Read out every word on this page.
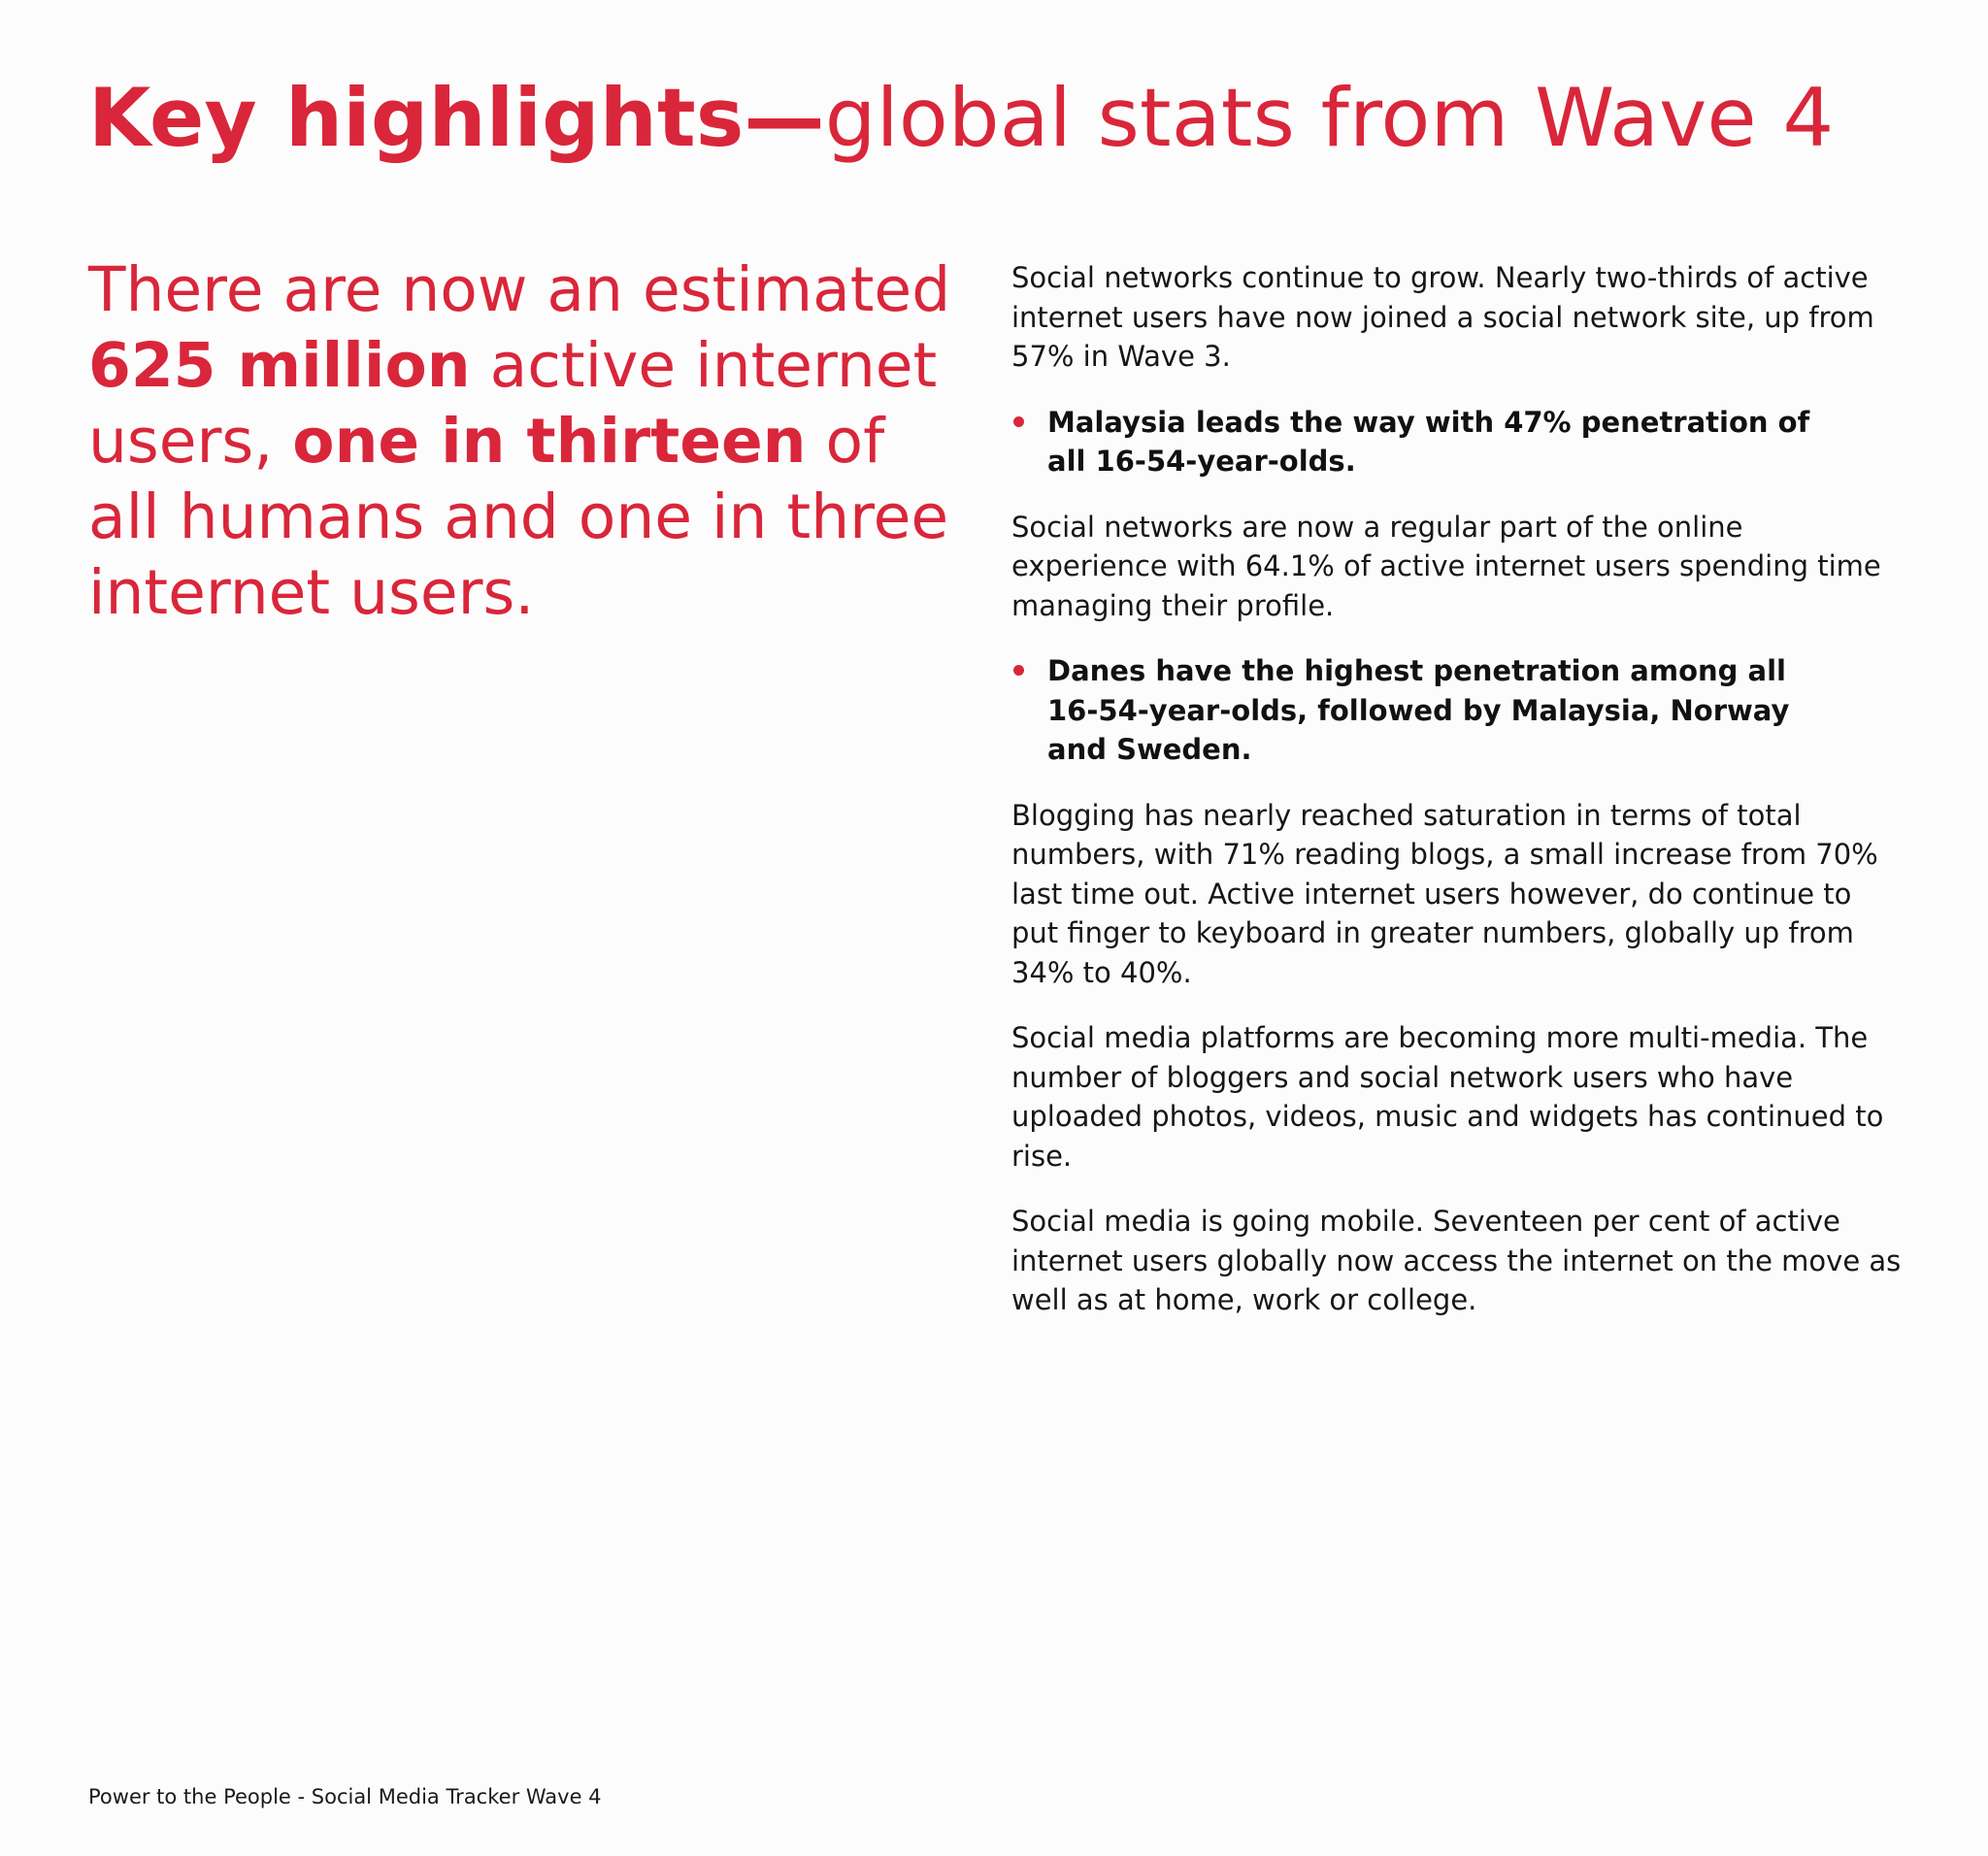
Key highlights—global stats from Wave 4

There are now an estimated 625 million active internet users, one in thirteen of all humans and one in three internet users.

Social networks continue to grow. Nearly two-thirds of active internet users have now joined a social network site, up from 57% in Wave 3.

Malaysia leads the way with 47% penetration of all 16-54-year-olds.

Social networks are now a regular part of the online experience with 64.1% of active internet users spending time managing their profile.

Danes have the highest penetration among all 16-54-year-olds, followed by Malaysia, Norway and Sweden.

Blogging has nearly reached saturation in terms of total numbers, with 71% reading blogs, a small increase from 70% last time out. Active internet users however, do continue to put finger to keyboard in greater numbers, globally up from 34% to 40%.

Social media platforms are becoming more multi-media. The number of bloggers and social network users who have uploaded photos, videos, music and widgets has continued to rise.

Social media is going mobile. Seventeen per cent of active internet users globally now access the internet on the move as well as at home, work or college.

Power to the People - Social Media Tracker Wave 4
